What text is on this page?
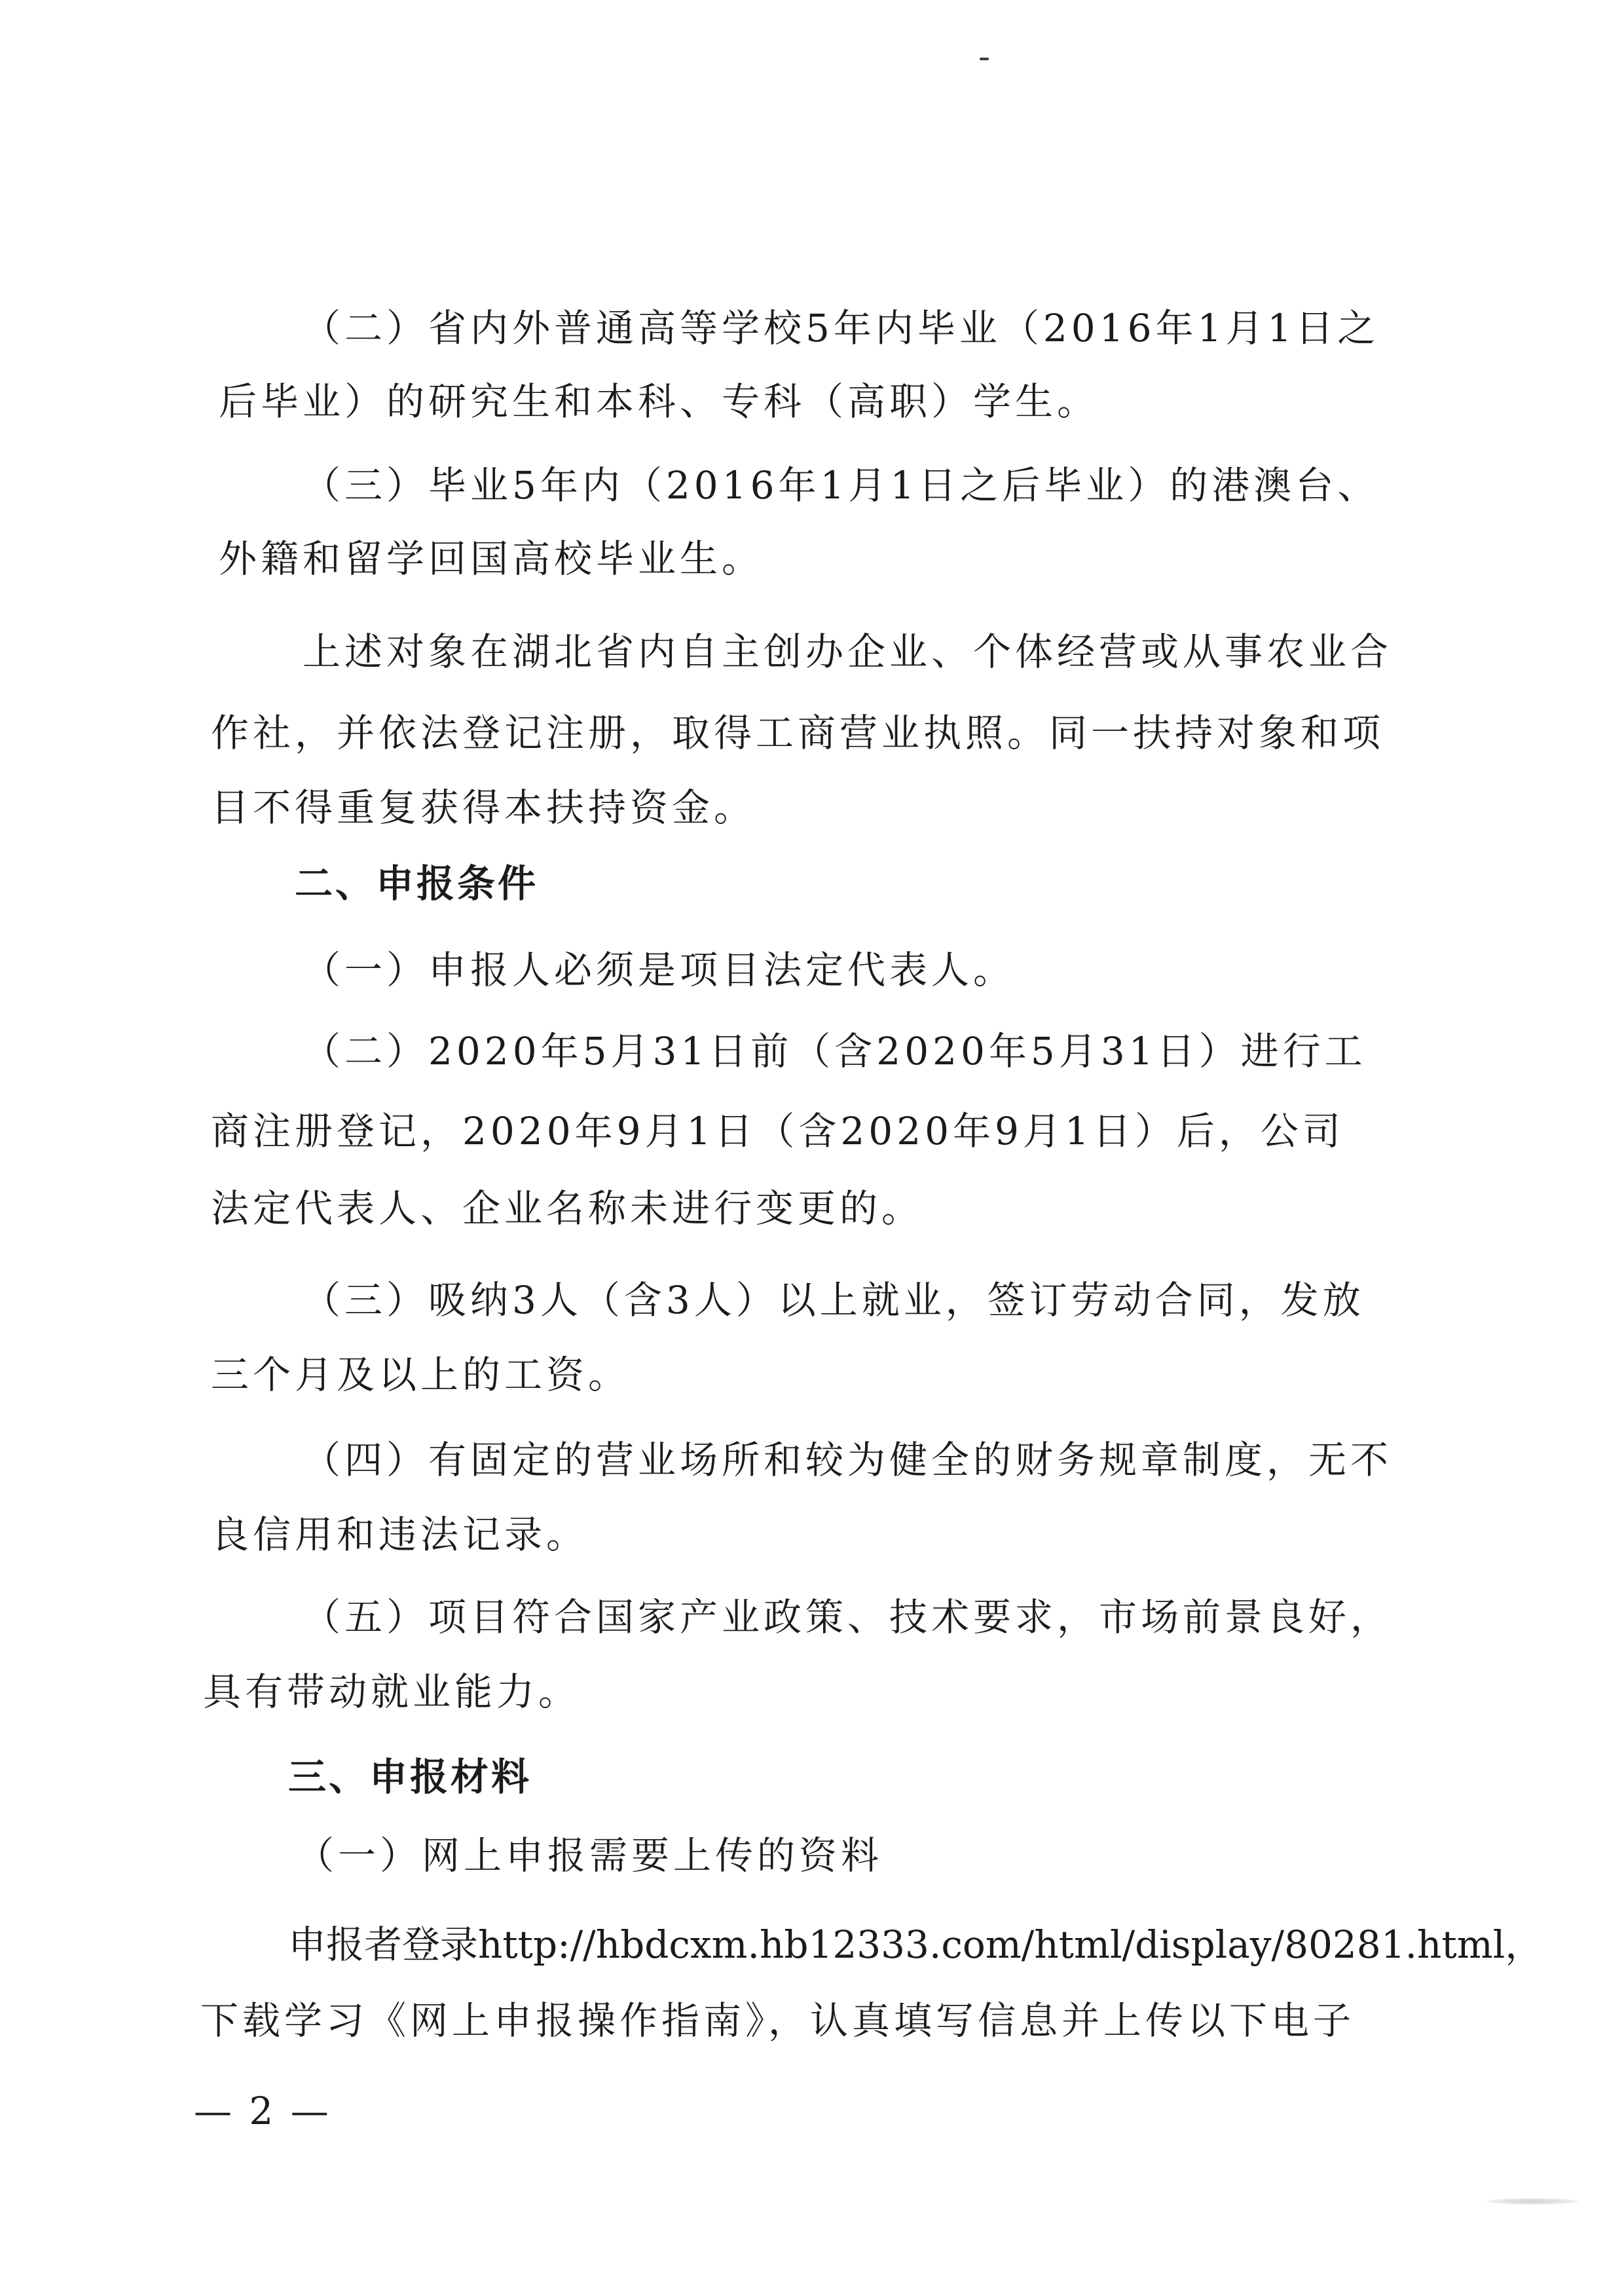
（二）省内外普通高等学校5年内毕业（2016年1月1日之
后毕业）的研究生和本科、专科（高职）学生。
（三）毕业5年内（2016年1月1日之后毕业）的港澳台、
外籍和留学回国高校毕业生。
上述对象在湖北省内自主创办企业、个体经营或从事农业合
作社，并依法登记注册，取得工商营业执照。同一扶持对象和项
目不得重复获得本扶持资金。
二、申报条件
（一）申报人必须是项目法定代表人。
（二）2020年5月31日前（含2020年5月31日）进行工
商注册登记，2020年9月1日（含2020年9月1日）后，公司
法定代表人、企业名称未进行变更的。
（三）吸纳3人（含3人）以上就业，签订劳动合同，发放
三个月及以上的工资。
（四）有固定的营业场所和较为健全的财务规章制度，无不
良信用和违法记录。
（五）项目符合国家产业政策、技术要求，市场前景良好，
具有带动就业能力。
三、申报材料
（一）网上申报需要上传的资料
申报者登录http://hbdcxm.hb12333.com/html/display/80281.html，
下载学习《网上申报操作指南》，认真填写信息并上传以下电子
— 2 —
